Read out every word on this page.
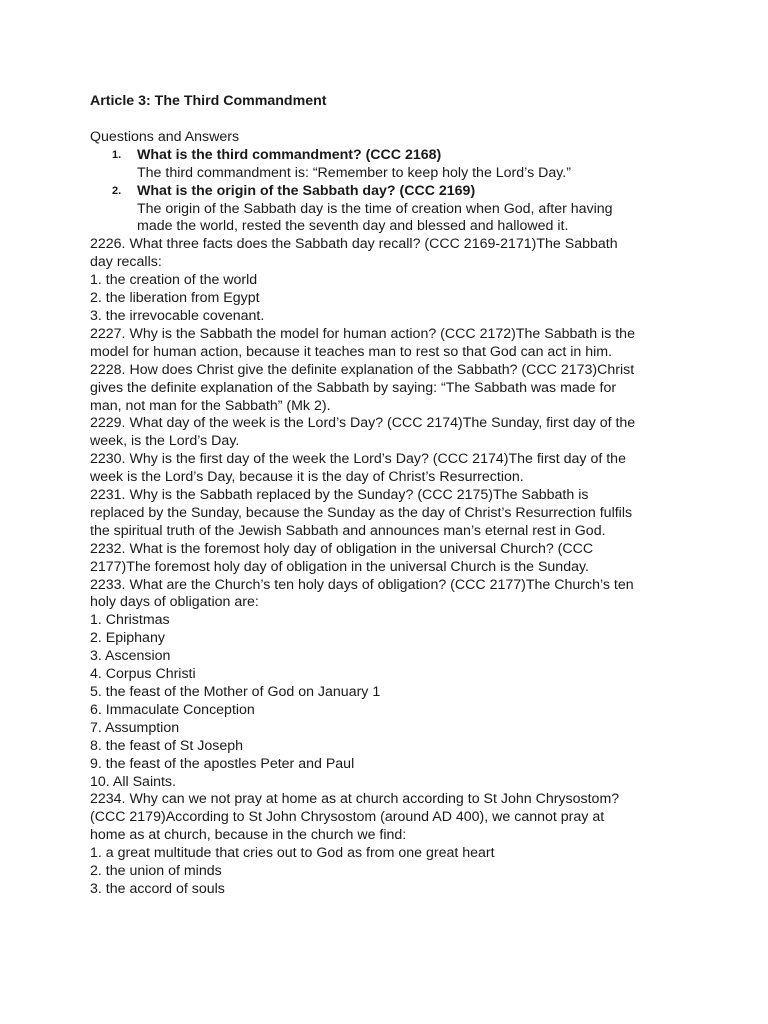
Article 3: The Third Commandment

Questions and Answers

1. What is the third commandment? (CCC 2168)
The third commandment is: “Remember to keep holy the Lord’s Day.”
2. What is the origin of the Sabbath day? (CCC 2169)
The origin of the Sabbath day is the time of creation when God, after having
made the world, rested the seventh day and blessed and hallowed it.
2226. What three facts does the Sabbath day recall? (CCC 2169-2171)The Sabbath
day recalls:
1. the creation of the world
2. the liberation from Egypt
3. the irrevocable covenant.
2227. Why is the Sabbath the model for human action? (CCC 2172)The Sabbath is the
model for human action, because it teaches man to rest so that God can act in him.
2228. How does Christ give the definite explanation of the Sabbath? (CCC 2173)Christ
gives the definite explanation of the Sabbath by saying: “The Sabbath was made for
man, not man for the Sabbath” (Mk 2).
2229. What day of the week is the Lord’s Day? (CCC 2174)The Sunday, first day of the
week, is the Lord’s Day.
2230. Why is the first day of the week the Lord’s Day? (CCC 2174)The first day of the
week is the Lord’s Day, because it is the day of Christ’s Resurrection.
2231. Why is the Sabbath replaced by the Sunday? (CCC 2175)The Sabbath is
replaced by the Sunday, because the Sunday as the day of Christ’s Resurrection fulfils
the spiritual truth of the Jewish Sabbath and announces man’s eternal rest in God.
2232. What is the foremost holy day of obligation in the universal Church? (CCC
2177)The foremost holy day of obligation in the universal Church is the Sunday.
2233. What are the Church’s ten holy days of obligation? (CCC 2177)The Church’s ten
holy days of obligation are:
1. Christmas
2. Epiphany
3. Ascension
4. Corpus Christi
5. the feast of the Mother of God on January 1
6. Immaculate Conception
7. Assumption
8. the feast of St Joseph
9. the feast of the apostles Peter and Paul
10. All Saints.
2234. Why can we not pray at home as at church according to St John Chrysostom?
(CCC 2179)According to St John Chrysostom (around AD 400), we cannot pray at
home as at church, because in the church we find:
1. a great multitude that cries out to God as from one great heart
2. the union of minds
3. the accord of souls
